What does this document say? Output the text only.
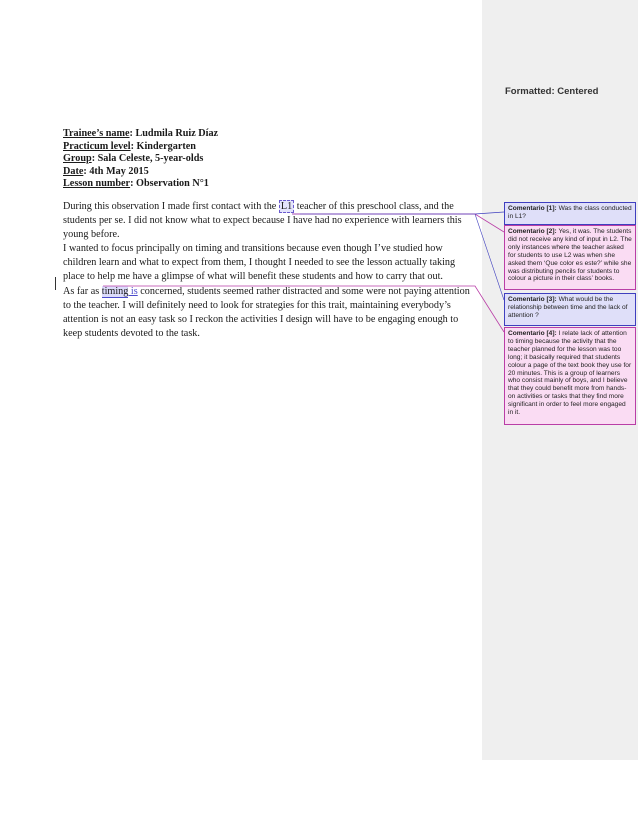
Formatted: Centered
Trainee’s name: Ludmila Ruiz Díaz
Practicum level: Kindergarten
Group: Sala Celeste, 5-year-olds
Date: 4th May 2015
Lesson number: Observation N°1

During this observation I made first contact with the L1 teacher of this preschool class, and the students per se. I did not know what to expect because I have had no experience with learners this young before.

I wanted to focus principally on timing and transitions because even though I’ve studied how children learn and what to expect from them, I thought I needed to see the lesson actually taking place to help me have a glimpse of what will benefit these students and how to carry that out.

As far as timing is concerned, students seemed rather distracted and some were not paying attention to the teacher. I will definitely need to look for strategies for this trait, maintaining everybody’s attention is not an easy task so I reckon the activities I design will have to be engaging enough to keep students devoted to the task.

Comentario [1]: Was the class conducted in L1?
Comentario [2]: Yes, it was. The students did not receive any kind of input in L2. The only instances where the teacher asked for students to use L2 was when she asked them ‘Que color es este?’ while she was distributing pencils for students to colour a picture in their class’ books.
Comentario [3]: What would be the relationship between time and the lack of attention ?
Comentario [4]: I relate lack of attention to timing because the activity that the teacher planned for the lesson was too long; it basically required that students colour a page of the text book they use for 20 minutes. This is a group of learners who consist mainly of boys, and I believe that they could benefit more from hands-on activities or tasks that they find more significant in order to feel more engaged in it.
